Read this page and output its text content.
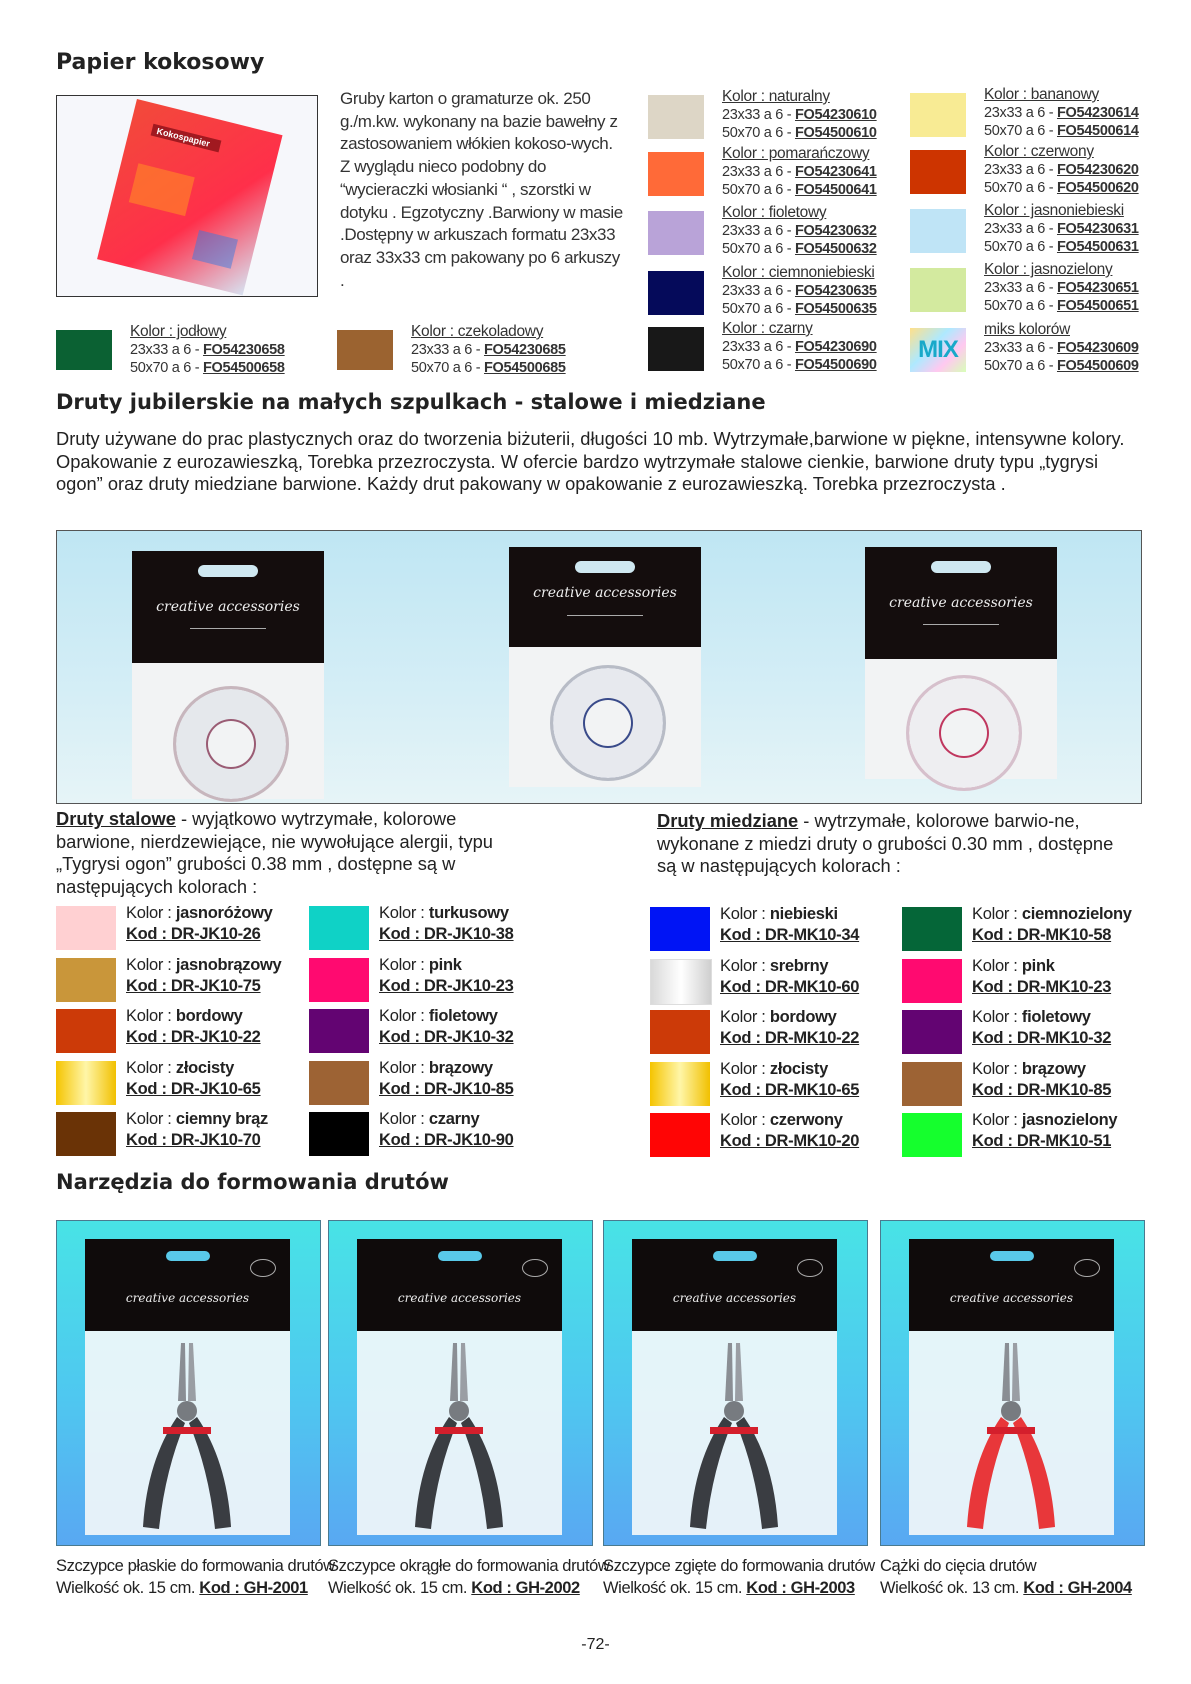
Papier kokosowy
Kokospapier
Gruby karton o gramaturze ok. 250 g./m.kw. wykonany na bazie bawełny z zastosowaniem włókien kokoso-wych. Z wyglądu nieco podobny do “wycieraczki włosianki “ , szorstki w dotyku . Egzotyczny .Barwiony w masie .Dostępny w arkuszach formatu 23x33 oraz 33x33 cm pakowany po 6 arkuszy .
Kolor : jodłowy
23x33 a 6 - FO54230658
50x70 a 6 - FO54500658
Kolor : czekoladowy
23x33 a 6 - FO54230685
50x70 a 6 - FO54500685
Kolor : naturalny
23x33 a 6 - FO54230610
50x70 a 6 - FO54500610
Kolor : pomarańczowy
23x33 a 6 - FO54230641
50x70 a 6 - FO54500641
Kolor : fioletowy
23x33 a 6 - FO54230632
50x70 a 6 - FO54500632
Kolor : ciemnoniebieski
23x33 a 6 - FO54230635
50x70 a 6 - FO54500635
Kolor : czarny
23x33 a 6 - FO54230690
50x70 a 6 - FO54500690
Kolor : bananowy
23x33 a 6 - FO54230614
50x70 a 6 - FO54500614
Kolor : czerwony
23x33 a 6 - FO54230620
50x70 a 6 - FO54500620
Kolor : jasnoniebieski
23x33 a 6 - FO54230631
50x70 a 6 - FO54500631
Kolor : jasnozielony
23x33 a 6 - FO54230651
50x70 a 6 - FO54500651
MIX
miks kolorów
23x33 a 6 - FO54230609
50x70 a 6 - FO54500609
Druty jubilerskie na małych szpulkach - stalowe i miedziane
Druty używane do prac plastycznych oraz do tworzenia biżuterii, długości 10 mb. Wytrzymałe,barwione w piękne, intensywne kolory. Opakowanie z eurozawieszką, Torebka przezroczysta. W ofercie bardzo wytrzymałe stalowe cienkie, barwione druty typu „tygrysi ogon” oraz druty miedziane barwione. Każdy drut pakowany w opakowanie z eurozawieszką. Torebka przezroczysta .
creative accessories
creative accessories
creative accessories
Druty stalowe - wyjątkowo wytrzymałe, kolorowe barwione, nierdzewiejące, nie wywołujące alergii, typu „Tygrysi ogon” grubości 0.38 mm , dostępne są w następujących kolorach :
Druty miedziane - wytrzymałe, kolorowe barwio-ne, wykonane z miedzi druty o grubości 0.30 mm , dostępne są w następujących kolorach :
Kolor : jasnoróżowy
Kod : DR-JK10-26
Kolor : jasnobrązowy
Kod : DR-JK10-75
Kolor : bordowy
Kod : DR-JK10-22
Kolor : złocisty
Kod : DR-JK10-65
Kolor : ciemny brąz
Kod : DR-JK10-70
Kolor : turkusowy
Kod : DR-JK10-38
Kolor : pink
Kod : DR-JK10-23
Kolor : fioletowy
Kod : DR-JK10-32
Kolor : brązowy
Kod : DR-JK10-85
Kolor : czarny
Kod : DR-JK10-90
Kolor : niebieski
Kod : DR-MK10-34
Kolor : srebrny
Kod : DR-MK10-60
Kolor : bordowy
Kod : DR-MK10-22
Kolor : złocisty
Kod : DR-MK10-65
Kolor : czerwony
Kod : DR-MK10-20
Kolor : ciemnozielony
Kod : DR-MK10-58
Kolor : pink
Kod : DR-MK10-23
Kolor : fioletowy
Kod : DR-MK10-32
Kolor : brązowy
Kod : DR-MK10-85
Kolor : jasnozielony
Kod : DR-MK10-51
Narzędzia do formowania drutów
creative accessories
Szczypce płaskie do formowania drutów
Wielkość ok. 15 cm. Kod : GH-2001
creative accessories
Szczypce okrągłe do formowania drutów
Wielkość ok. 15 cm. Kod : GH-2002
creative accessories
Szczypce zgięte do formowania drutów
Wielkość ok. 15 cm. Kod : GH-2003
creative accessories
Cążki do cięcia drutów
Wielkość ok. 13 cm. Kod : GH-2004
-72-
